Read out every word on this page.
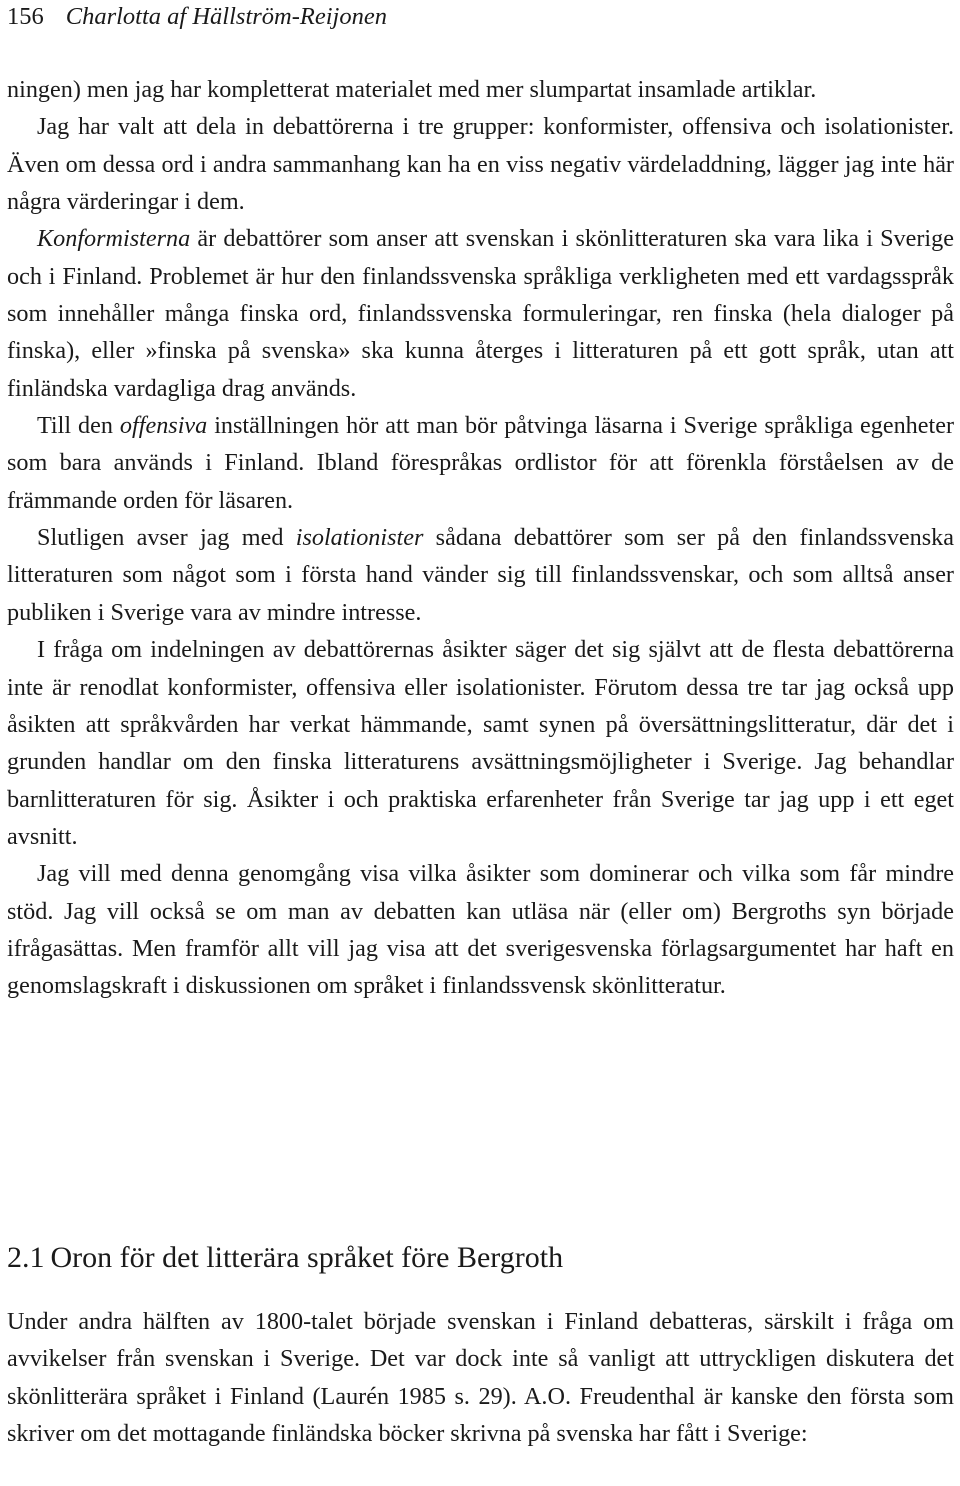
156 Charlotta af Hällström-Reijonen

ningen) men jag har kompletterat materialet med mer slumpartat insamlade artiklar.

Jag har valt att dela in debattörerna i tre grupper: konformister, offensiva och isolationister. Även om dessa ord i andra sammanhang kan ha en viss negativ värdeladdning, lägger jag inte här några värderingar i dem.

Konformisterna är debattörer som anser att svenskan i skönlitteraturen ska vara lika i Sverige och i Finland. Problemet är hur den finlandssvenska språkliga verkligheten med ett vardagsspråk som innehåller många finska ord, finlandssvenska formuleringar, ren finska (hela dialoger på finska), eller »finska på svenska» ska kunna återges i litteraturen på ett gott språk, utan att finländska vardagliga drag används.

Till den offensiva inställningen hör att man bör påtvinga läsarna i Sverige språkliga egenheter som bara används i Finland. Ibland förespråkas ordlistor för att förenkla förståelsen av de främmande orden för läsaren.

Slutligen avser jag med isolationister sådana debattörer som ser på den finlandssvenska litteraturen som något som i första hand vänder sig till finlandssvenskar, och som alltså anser publiken i Sverige vara av mindre intresse.

I fråga om indelningen av debattörernas åsikter säger det sig självt att de flesta debattörerna inte är renodlat konformister, offensiva eller isolationister. Förutom dessa tre tar jag också upp åsikten att språkvården har verkat hämmande, samt synen på översättningslitteratur, där det i grunden handlar om den finska litteraturens avsättningsmöjligheter i Sverige. Jag behandlar barnlitteraturen för sig. Åsikter i och praktiska erfarenheter från Sverige tar jag upp i ett eget avsnitt.

Jag vill med denna genomgång visa vilka åsikter som dominerar och vilka som får mindre stöd. Jag vill också se om man av debatten kan utläsa när (eller om) Bergroths syn började ifrågasättas. Men framför allt vill jag visa att det sverigesvenska förlagsargumentet har haft en genomslagskraft i diskussionen om språket i finlandssvensk skönlitteratur.

2.1 Oron för det litterära språket före Bergroth

Under andra hälften av 1800-talet började svenskan i Finland debatteras, särskilt i fråga om avvikelser från svenskan i Sverige. Det var dock inte så vanligt att uttryckligen diskutera det skönlitterära språket i Finland (Laurén 1985 s. 29). A.O. Freudenthal är kanske den första som skriver om det mottagande finländska böcker skrivna på svenska har fått i Sverige:
